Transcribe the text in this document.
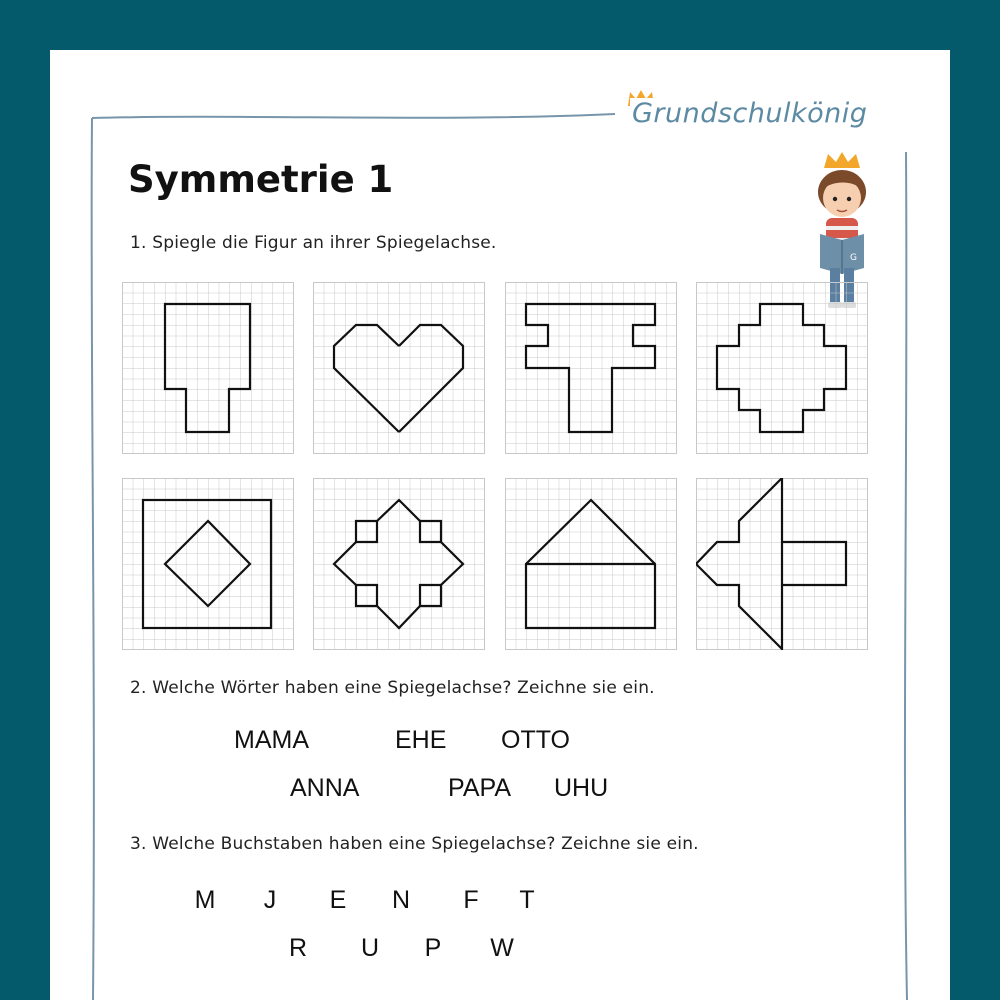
Grundschulkönig
Symmetrie 1
1. Spiegle die Figur an ihrer Spiegelachse.
G
2. Welche Wörter haben eine Spiegelachse? Zeichne sie ein.
MAMA	EHE OTTO
ANNA	PAPA UHU
3. Welche Buchstaben haben eine Spiegelachse? Zeichne sie ein.
M	J	E N F T
R U P W
